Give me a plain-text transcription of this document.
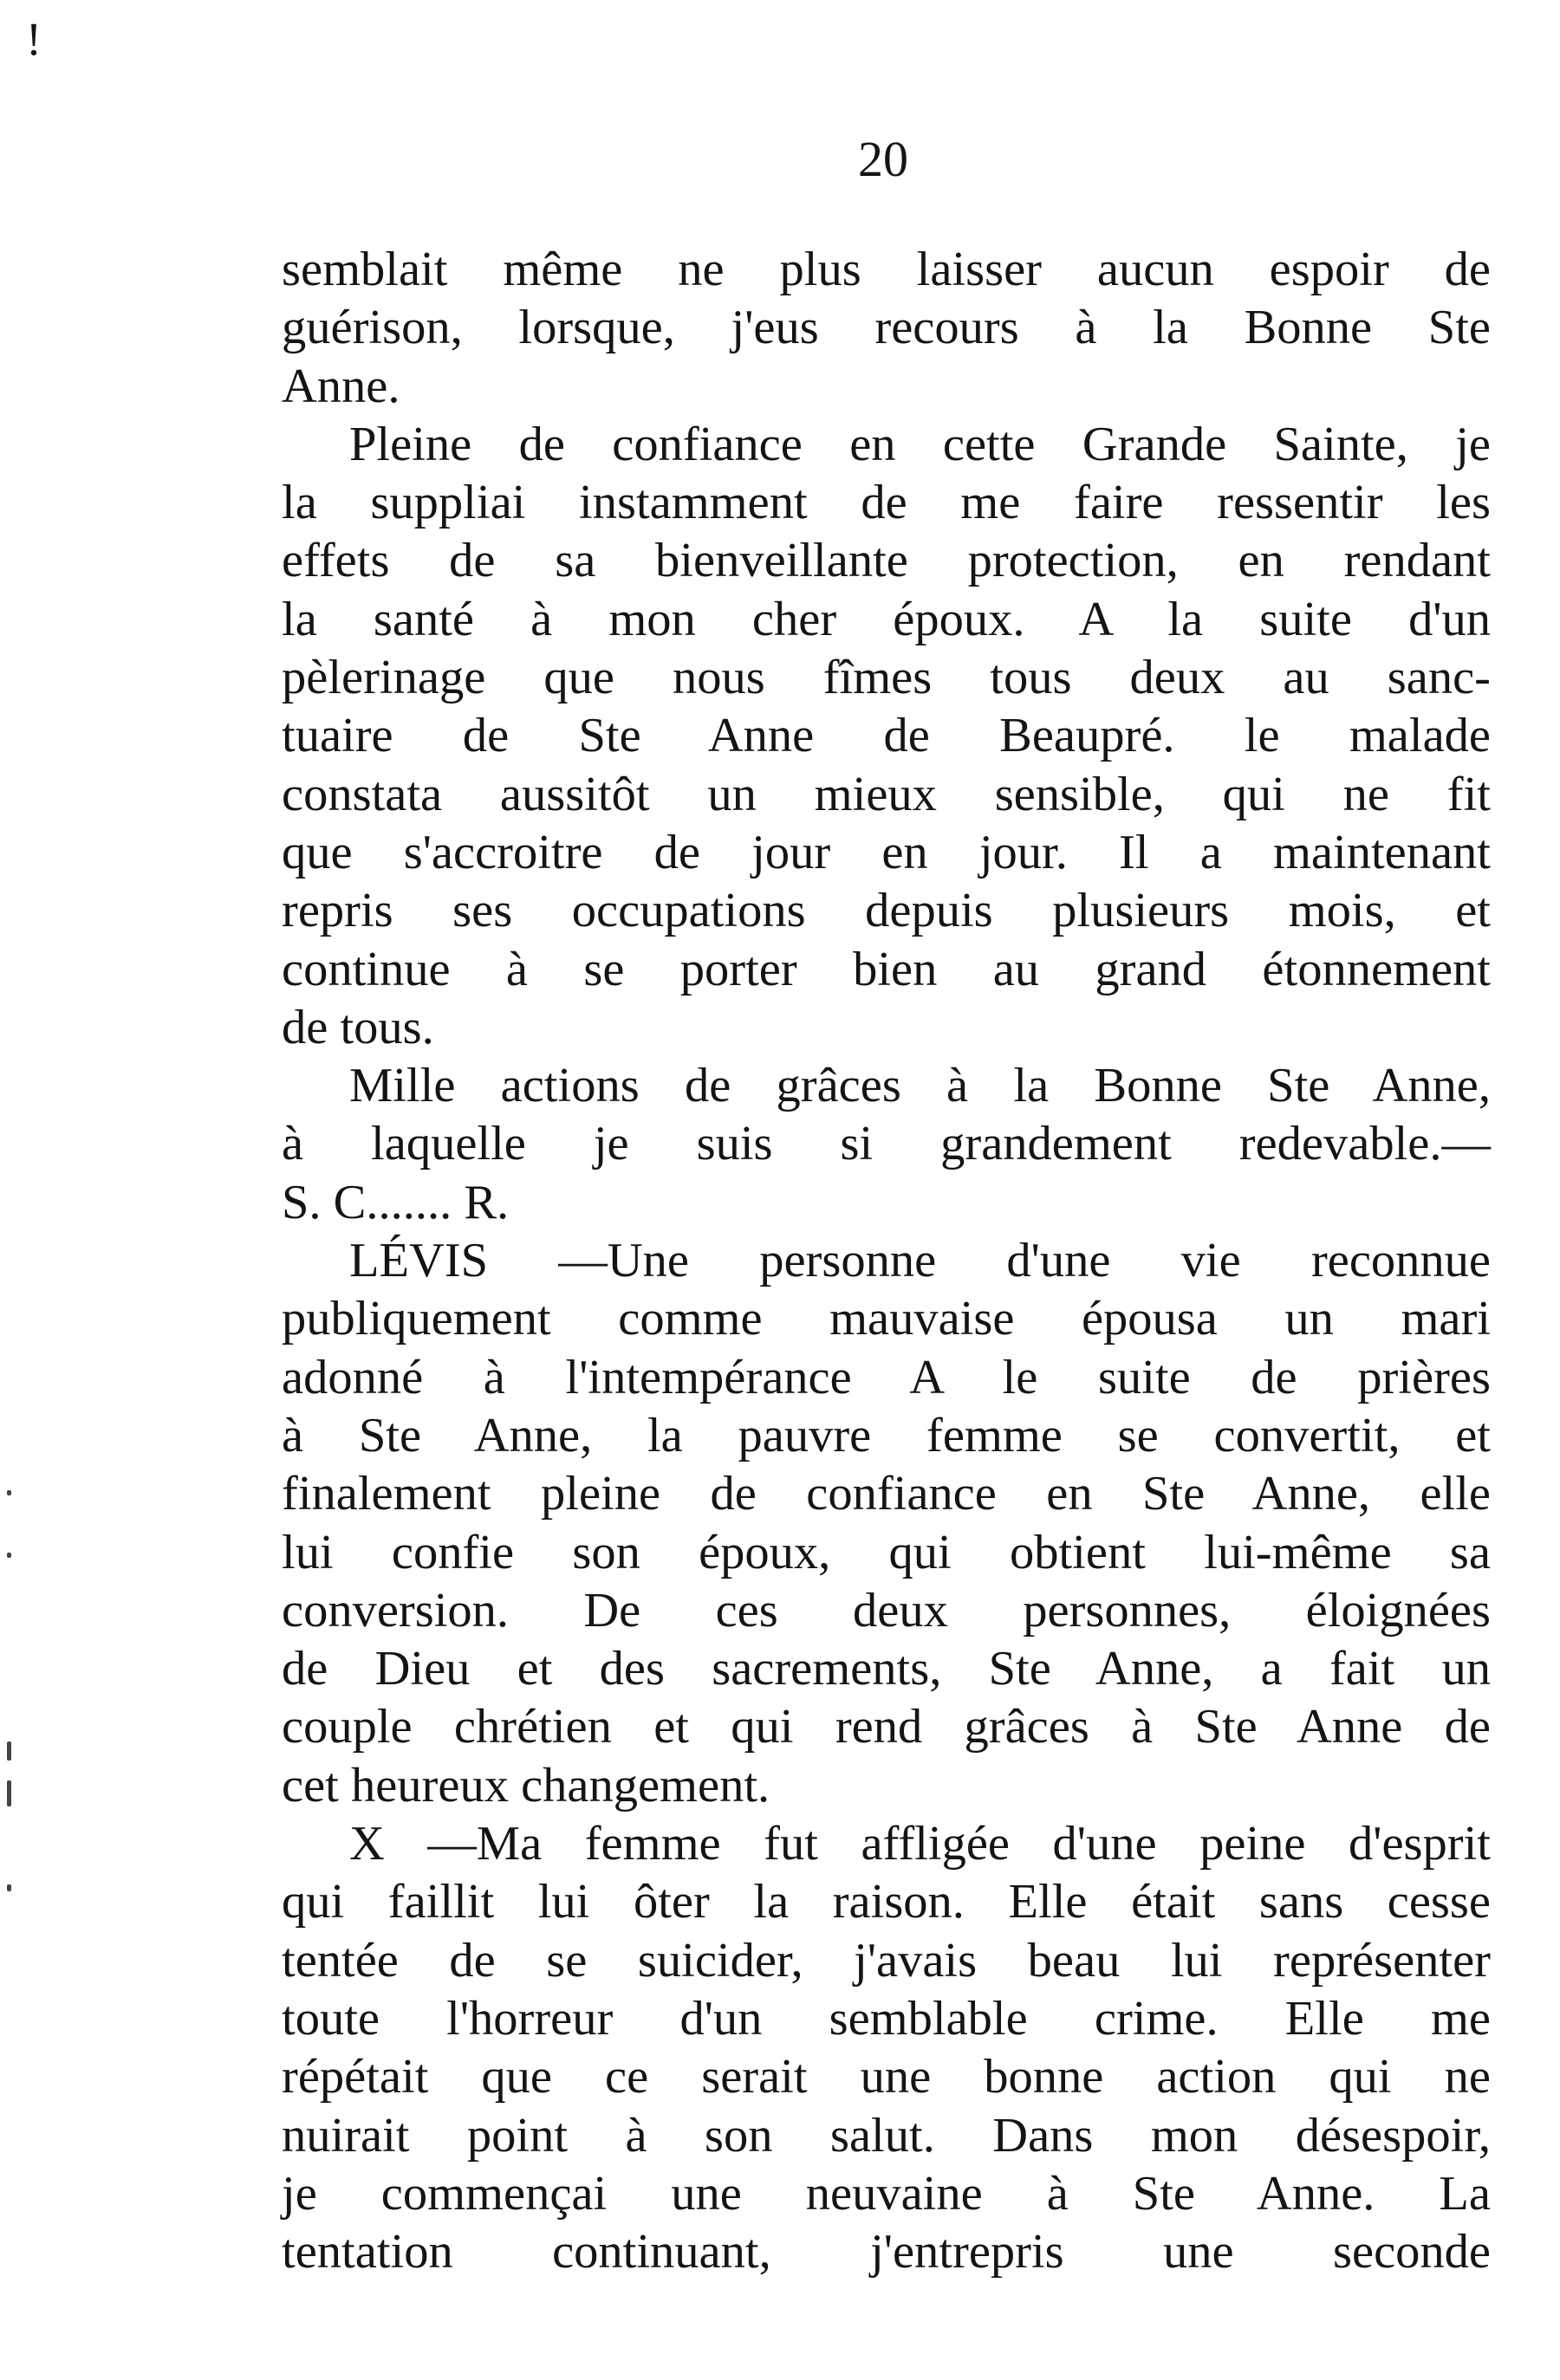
!
20
semblait même ne plus laisser aucun espoir de
guérison, lorsque, j'eus recours à la Bonne Ste
Anne.
Pleine de confiance en cette Grande Sainte, je
la suppliai instamment de me faire ressentir les
effets de sa bienveillante protection, en rendant
la santé à mon cher époux. A la suite d'un
pèlerinage que nous fîmes tous deux au sanc-
tuaire de Ste Anne de Beaupré. le malade
constata aussitôt un mieux sensible, qui ne fit
que s'accroitre de jour en jour. Il a maintenant
repris ses occupations depuis plusieurs mois, et
continue à se porter bien au grand étonnement
de tous.
Mille actions de grâces à la Bonne Ste Anne,
à laquelle je suis si grandement redevable.—
S. C....... R.
LÉVIS —Une personne d'une vie reconnue
publiquement comme mauvaise épousa un mari
adonné à l'intempérance A le suite de prières
à Ste Anne, la pauvre femme se convertit, et
finalement pleine de confiance en Ste Anne, elle
lui confie son époux, qui obtient lui-même sa
conversion. De ces deux personnes, éloignées
de Dieu et des sacrements, Ste Anne, a fait un
couple chrétien et qui rend grâces à Ste Anne de
cet heureux changement.
X —Ma femme fut affligée d'une peine d'esprit
qui faillit lui ôter la raison. Elle était sans cesse
tentée de se suicider, j'avais beau lui représenter
toute l'horreur d'un semblable crime. Elle me
répétait que ce serait une bonne action qui ne
nuirait point à son salut. Dans mon désespoir,
je commençai une neuvaine à Ste Anne. La
tentation continuant, j'entrepris une seconde
